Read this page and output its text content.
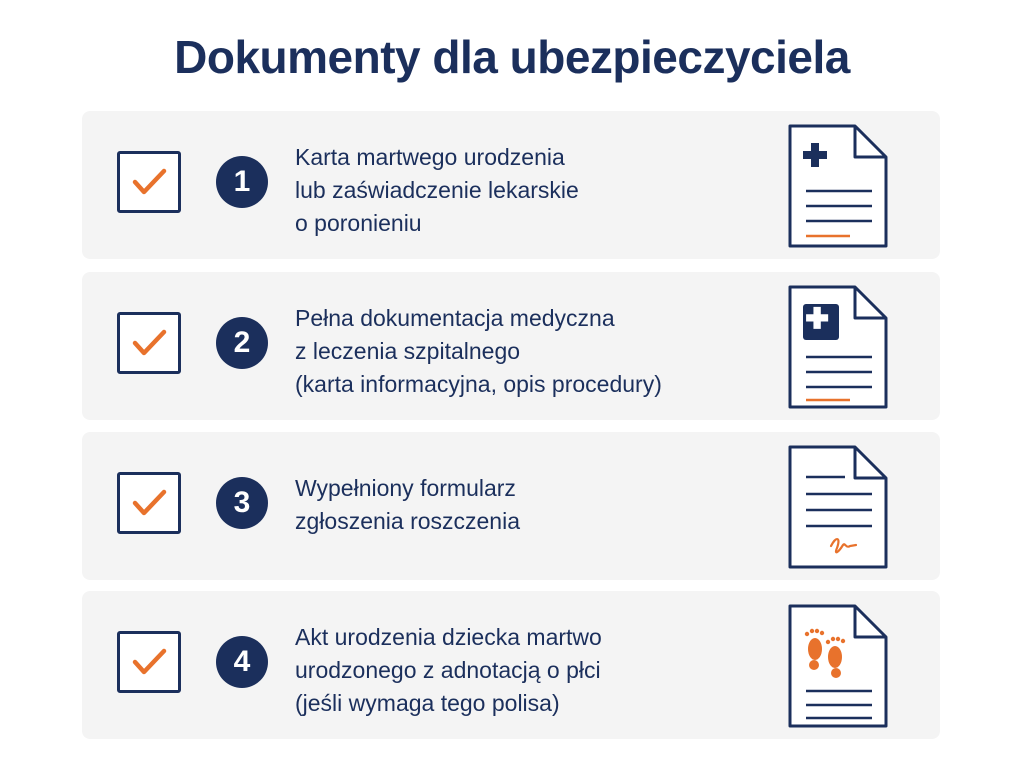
Dokumenty dla ubezpieczyciela
1
Karta martwego urodzenia
lub zaświadczenie lekarskie
o poronieniu
2
Pełna dokumentacja medyczna
z leczenia szpitalnego
(karta informacyjna, opis procedury)
3	Wypełniony formularz
zgłoszenia roszczenia
4
Akt urodzenia dziecka martwo
urodzonego z adnotacją o płci
(jeśli wymaga tego polisa)
